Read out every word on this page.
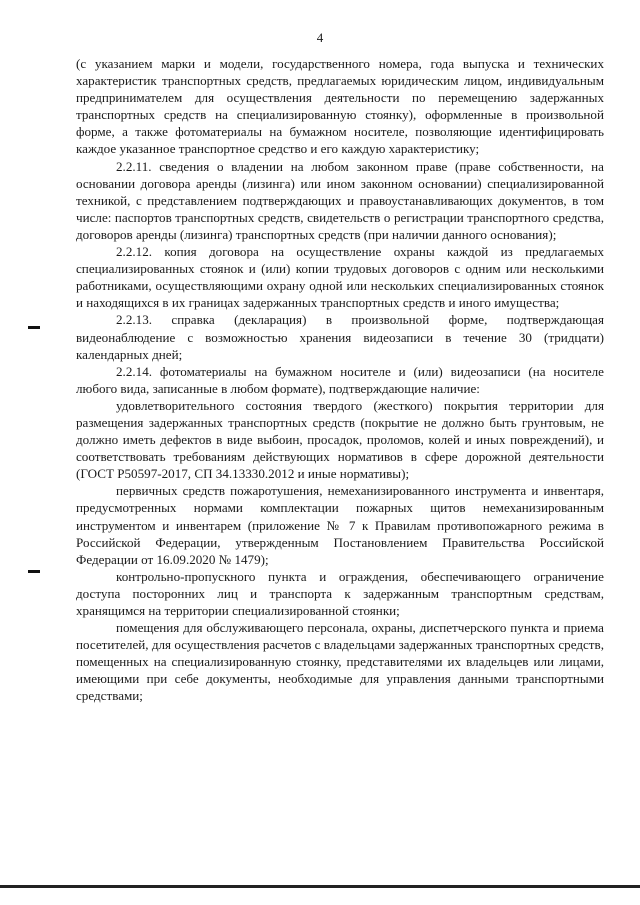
4

(с указанием марки и модели, государственного номера, года выпуска и технических характеристик транспортных средств, предлагаемых юридическим лицом, индивидуальным предпринимателем для осуществления деятельности по перемещению задержанных транспортных средств на специализированную стоянку), оформленные в произвольной форме, а также фотоматериалы на бумажном носителе, позволяющие идентифицировать каждое указанное транспортное средство и его каждую характеристику;

2.2.11. сведения о владении на любом законном праве (праве собственности, на основании договора аренды (лизинга) или ином законном основании) специализированной техникой, с представлением подтверждающих и правоустанавливающих документов, в том числе: паспортов транспортных средств, свидетельств о регистрации транспортного средства, договоров аренды (лизинга) транспортных средств (при наличии данного основания);

2.2.12. копия договора на осуществление охраны каждой из предлагаемых специализированных стоянок и (или) копии трудовых договоров с одним или несколькими работниками, осуществляющими охрану одной или нескольких специализированных стоянок и находящихся в их границах задержанных транспортных средств и иного имущества;

2.2.13. справка (декларация) в произвольной форме, подтверждающая видеонаблюдение с возможностью хранения видеозаписи в течение 30 (тридцати) календарных дней;

2.2.14. фотоматериалы на бумажном носителе и (или) видеозаписи (на носителе любого вида, записанные в любом формате), подтверждающие наличие:

удовлетворительного состояния твердого (жесткого) покрытия территории для размещения задержанных транспортных средств (покрытие не должно быть грунтовым, не должно иметь дефектов в виде выбоин, просадок, проломов, колей и иных повреждений), и соответствовать требованиям действующих нормативов в сфере дорожной деятельности (ГОСТ Р50597-2017, СП 34.13330.2012 и иные нормативы);

первичных средств пожаротушения, немеханизированного инструмента и инвентаря, предусмотренных нормами комплектации пожарных щитов немеханизированным инструментом и инвентарем (приложение № 7 к Правилам противопожарного режима в Российской Федерации, утвержденным Постановлением Правительства Российской Федерации от 16.09.2020 № 1479);

контрольно-пропускного пункта и ограждения, обеспечивающего ограничение доступа посторонних лиц и транспорта к задержанным транспортным средствам, хранящимся на территории специализированной стоянки;

помещения для обслуживающего персонала, охраны, диспетчерского пункта и приема посетителей, для осуществления расчетов с владельцами задержанных транспортных средств, помещенных на специализированную стоянку, представителями их владельцев или лицами, имеющими при себе документы, необходимые для управления данными транспортными средствами;
